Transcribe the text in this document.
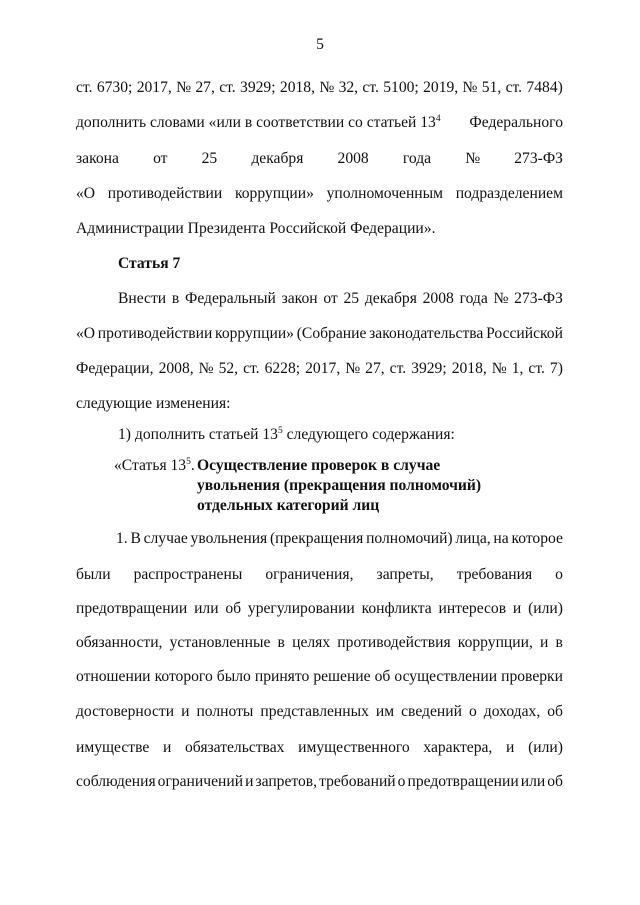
5
ст. 6730; 2017, № 27, ст. 3929; 2018, № 32, ст. 5100; 2019, № 51, ст. 7484)
дополнить словами «или в соответствии со статьей $13^4$ Федерального
закона от 25 декабря 2008 года № 273-ФЗ
«О противодействии коррупции» уполномоченным подразделением
Администрации Президента Российской Федерации».
Статья 7
Внести в Федеральный закон от 25 декабря 2008 года № 273-ФЗ
«О противодействии коррупции» (Собрание законодательства Российской
Федерации, 2008, № 52, ст. 6228; 2017, № 27, ст. 3929; 2018, № 1, ст. 7)
следующие изменения:
1) дополнить статьей $13^5$ следующего содержания:
«Статья $13^5$. Осуществление проверок в случае
увольнения (прекращения полномочий)
отдельных категорий лиц
1. В случае увольнения (прекращения полномочий) лица, на которое
были распространены ограничения, запреты, требования о
предотвращении или об урегулировании конфликта интересов и (или)
обязанности, установленные в целях противодействия коррупции, и в
отношении которого было принято решение об осуществлении проверки
достоверности и полноты представленных им сведений о доходах, об
имуществе и обязательствах имущественного характера, и (или)
соблюдения ограничений и запретов, требований о предотвращении или об
